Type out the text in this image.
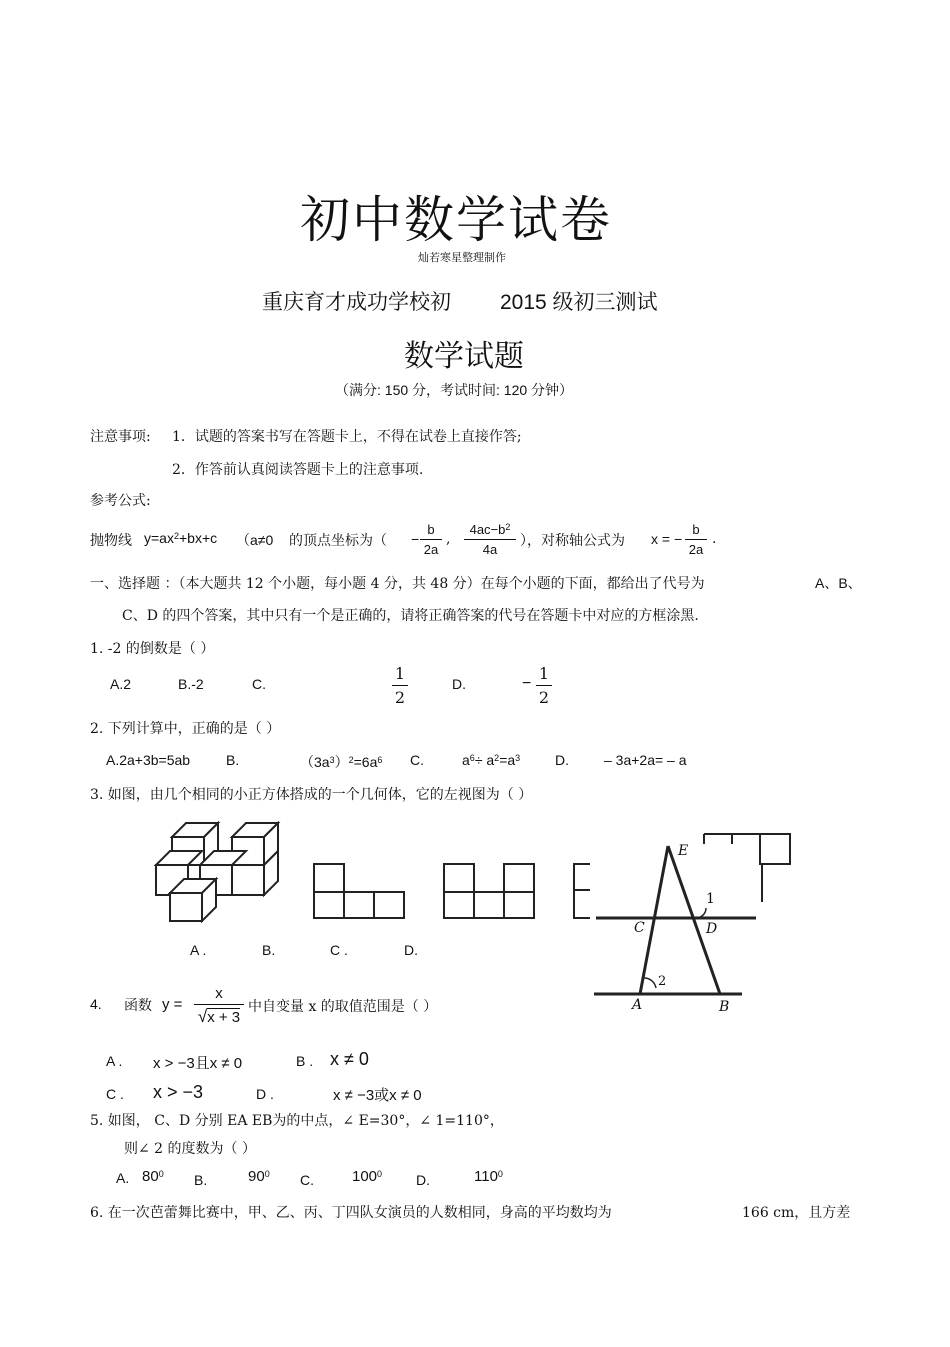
初中数学试卷
灿若寒星整理制作
重庆育才成功学校初 2015 级初三测试
数学试题
（满分: 150 分，考试时间: 120 分钟）
注意事项: 1．试题的答案书写在答题卡上，不得在试卷上直接作答;
2．作答前认真阅读答题卡上的注意事项.
参考公式:
抛物线 $y=ax^2+bx+c$ （a≠0 的顶点坐标为（ −
b
2a
,
$4ac-b^2$
4a
），对称轴公式为 x = −
b
2a
.
一、选择题 ：（本大题共 12 个小题，每小题 4 分，共 48 分）在每个小题的下面，都给出了代号为	A、B、
C、D 的四个答案，其中只有一个是正确的，请将正确答案的代号在答题卡中对应的方框涂黑.
1. -2 的倒数是（ ）
A.2	B.-2	C.
1
2
D.	−
1
2
2. 下列计算中，正确的是（ ）
A.2a+3b=5ab	B.	$(3a^3)^2=6a^6$ C.	$a^6\div a^2=a^3$ D.	– 3a+2a= – a
3. 如图，由几个相同的小正方体搭成的一个几何体，它的左视图为（ ）
A .	B.	C .	D.
E
1
C	D
2
A	B
4. 函数 y =
x
√x + 3
中自变量 x 的取值范围是（ ）
A . x > −3且x ≠ 0	B . x ≠ 0
C . x > −3	D .	x ≠ −3或x ≠ 0
5. 如图， C、D 分别 EA EB为的中点，∠ E=30°，∠ 1=110°，
则∠ 2 的度数为（ ）
A. $80^0$ B.	$90^0$ C.	$100^0$ D.	$110^0$
6. 在一次芭蕾舞比赛中，甲、乙、丙、丁四队女演员的人数相同，身高的平均数均为	166 cm，且方差
